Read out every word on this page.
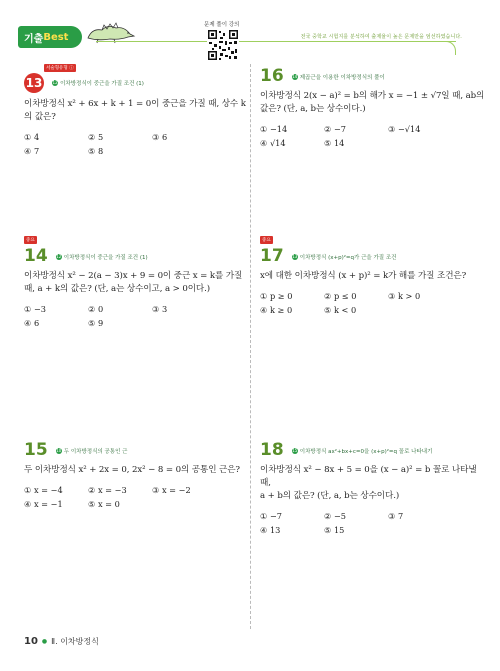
기출 Best	전국 중학교 시험지를 분석하여 출제율이 높은 문제만을 엄선하였습니다.
문제 풀이 강의
서술형유형 ⓘ
13	12 이차방정식이 중근을 가질 조건 (1)
이차방정식 x² + 6x + k + 1 = 0이 중근을 가질 때, 상수 k
의 값은?
① 4	② 5	③ 6
④ 7	⑤ 8
16 14 제곱근을 이용한 이차방정식의 풀이
이차방정식 2(x − a)² = b의 해가 x = −1 ± √7일 때, ab의
값은? (단, a, b는 상수이다.)
① −14	② −7	③ −√14
④ √14	⑤ 14
중요
14 12 이차방정식이 중근을 가질 조건 (1)
이차방정식 x² − 2(a − 3)x + 9 = 0이 중근 x = k를 가질
때, a + k의 값은? (단, a는 상수이고, a > 0이다.)
① −3	② 0	③ 3
④ 6	⑤ 9
중요
17 13 이차방정식 (x+p)²=q가 근을 가질 조건
x에 대한 이차방정식 (x + p)² = k가 해를 가질 조건은?
① p ≥ 0	② p ≤ 0	③ k > 0
④ k ≥ 0	⑤ k < 0
15 10 두 이차방정식의 공통인 근
두 이차방정식 x² + 2x = 0, 2x² − 8 = 0의 공통인 근은?
① x = −4	② x = −3	③ x = −2
④ x = −1	⑤ x = 0
18 15 이차방정식 ax²+bx+c=0을 (x+p)²=q 꼴로 나타내기
이차방정식 x² − 8x + 5 = 0을 (x − a)² = b 꼴로 나타낼 때,
a + b의 값은? (단, a, b는 상수이다.)
① −7	② −5	③ 7
④ 13	⑤ 15
10 ● Ⅱ. 이차방정식
